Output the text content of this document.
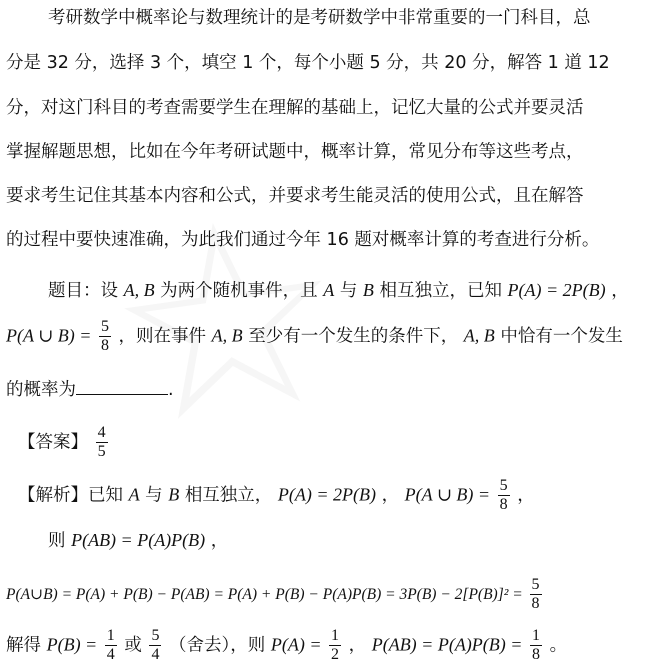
考研数学中概率论与数理统计的是考研数学中非常重要的一门科目，总
分是 32 分，选择 3 个，填空 1 个，每个小题 5 分，共 20 分，解答 1 道 12
分，对这门科目的考查需要学生在理解的基础上，记忆大量的公式并要灵活
掌握解题思想，比如在今年考研试题中，概率计算，常见分布等这些考点，
要求考生记住其基本内容和公式，并要求考生能灵活的使用公式，且在解答
的过程中要快速准确，为此我们通过今年 16 题对概率计算的考查进行分析。
题目：设 A, B 为两个随机事件，且 A 与 B 相互独立，已知 P(A) = 2P(B) ，
P(A ∪ $B) = \frac{5}{8}$ ，则在事件 A, B 至少有一个发生的条件下， A, B 中恰有一个发生
的概率为	.
【答案】 $\frac{4}{5}$
【解析】已知 A 与 B 相互独立， P(A) = 2P(B) ， P(A ∪ $B) = \frac{5}{8}$ ，
则 P(AB) = P(A)P(B) ，
P(A∪B) = $P(A) + P(B) - P(AB) = P(A) + P(B) - P(A)P(B) = 3P(B) - 2[P(B)]^2 = \frac{5}{8}$
解得 $P(B) = \frac{1}{4}$ 或 $\frac{5}{4}$ （舍去），则 $P(A) = \frac{1}{2}$ ， $P(AB) = P(A)P(B) = \frac{1}{8}$ 。
